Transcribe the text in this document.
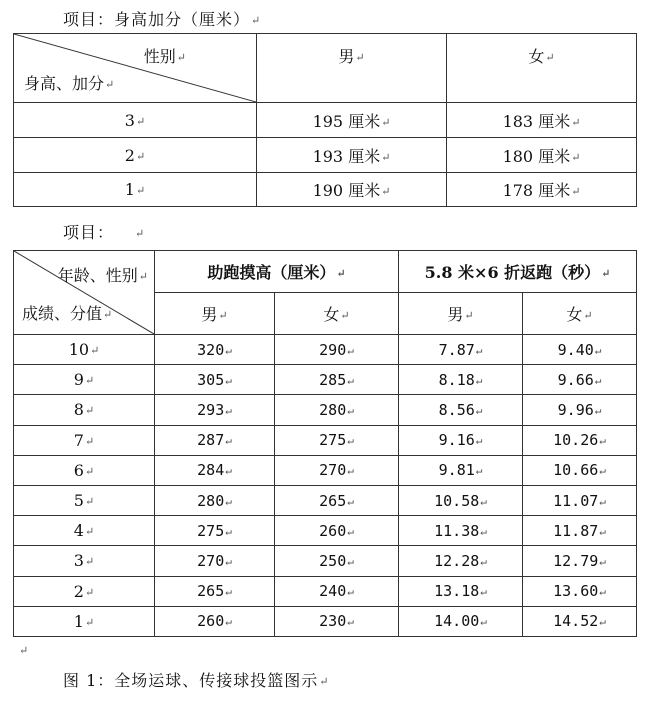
项目：身高加分（厘米）↵
性别↵
身高、加分↵	男↵	女↵
3↵	195 厘米↵	183 厘米↵
2↵	193 厘米↵	180 厘米↵
1↵	190 厘米↵	178 厘米↵
项目： ↵
年龄、性别↵
成绩、分值↵	助跑摸高（厘米）↵		5.8 米×6 折返跑（秒）↵	
	男↵	女↵	男↵	女↵
10↵	320↵	290↵	7.87↵	9.40↵
9↵	305↵	285↵	8.18↵	9.66↵
8↵	293↵	280↵	8.56↵	9.96↵
7↵	287↵	275↵	9.16↵	10.26↵
6↵	284↵	270↵	9.81↵	10.66↵
5↵	280↵	265↵	10.58↵	11.07↵
4↵	275↵	260↵	11.38↵	11.87↵
3↵	270↵	250↵	12.28↵	12.79↵
2↵	265↵	240↵	13.18↵	13.60↵
1↵	260↵	230↵	14.00↵	14.52↵
↵
图 1：全场运球、传接球投篮图示↵
